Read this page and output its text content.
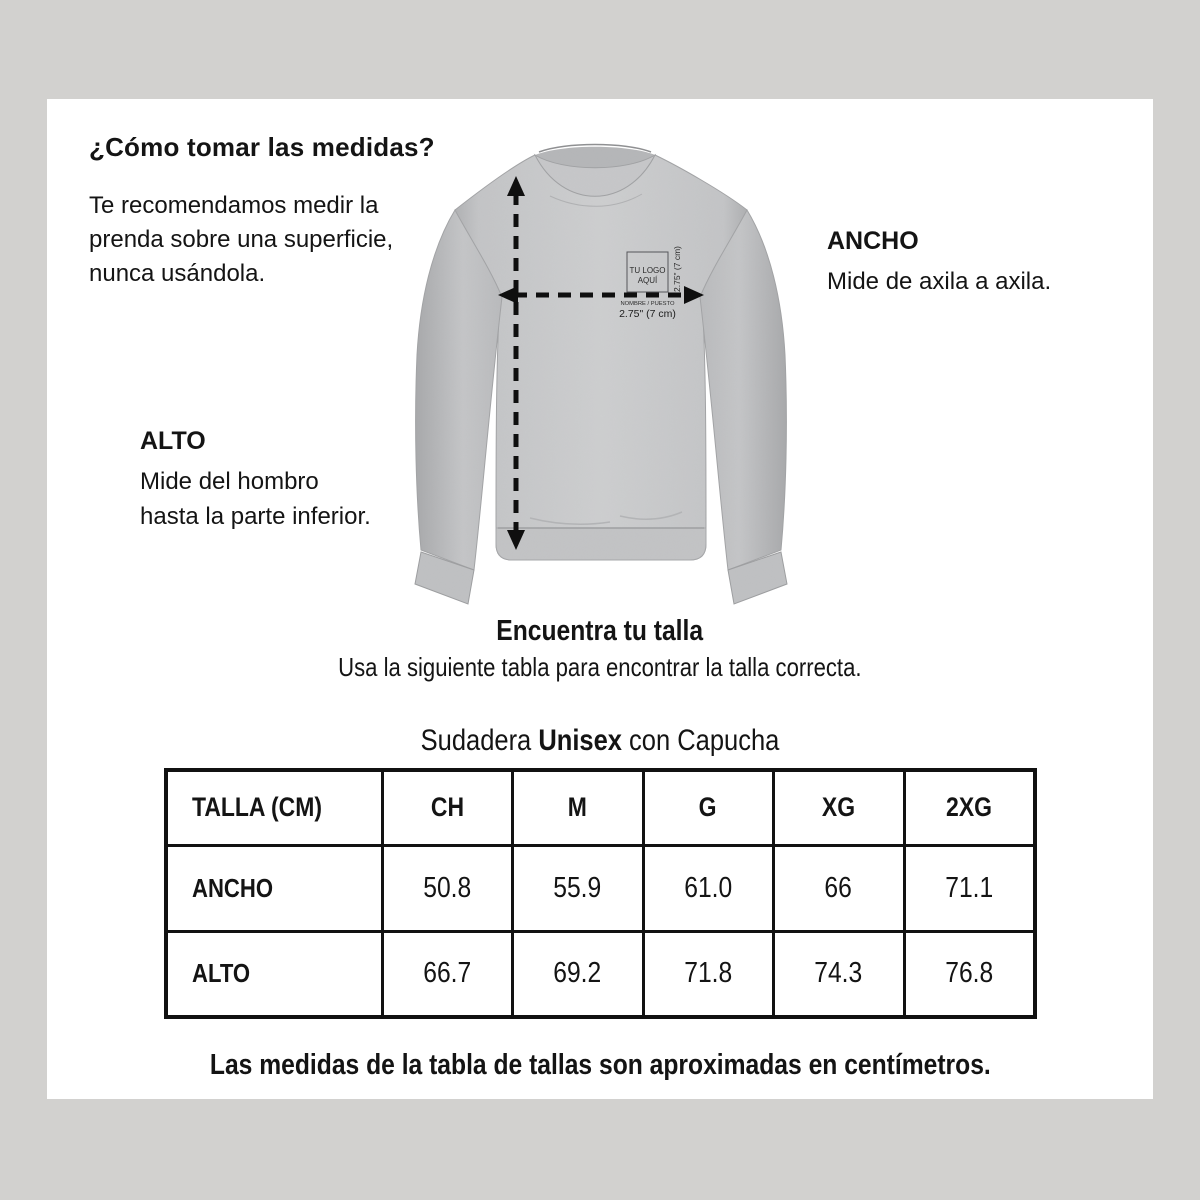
¿Cómo tomar las medidas?
Te recomendamos medir la
prenda sobre una superficie,
nunca usándola.
ANCHO
Mide de axila a axila.
ALTO
Mide del hombro
hasta la parte inferior.
TU LOGO
AQUÍ 2.75" (7 cm)
NOMBRE / PUESTO
2.75" (7 cm)
Encuentra tu talla
Usa la siguiente tabla para encontrar la talla correcta.
Sudadera Unisex con Capucha
TALLA (CM)	CH	M	G	XG	2XG
ANCHO	50.8	55.9	61.0	66	71.1
ALTO	66.7	69.2	71.8	74.3	76.8
Las medidas de la tabla de tallas son aproximadas en centímetros.
